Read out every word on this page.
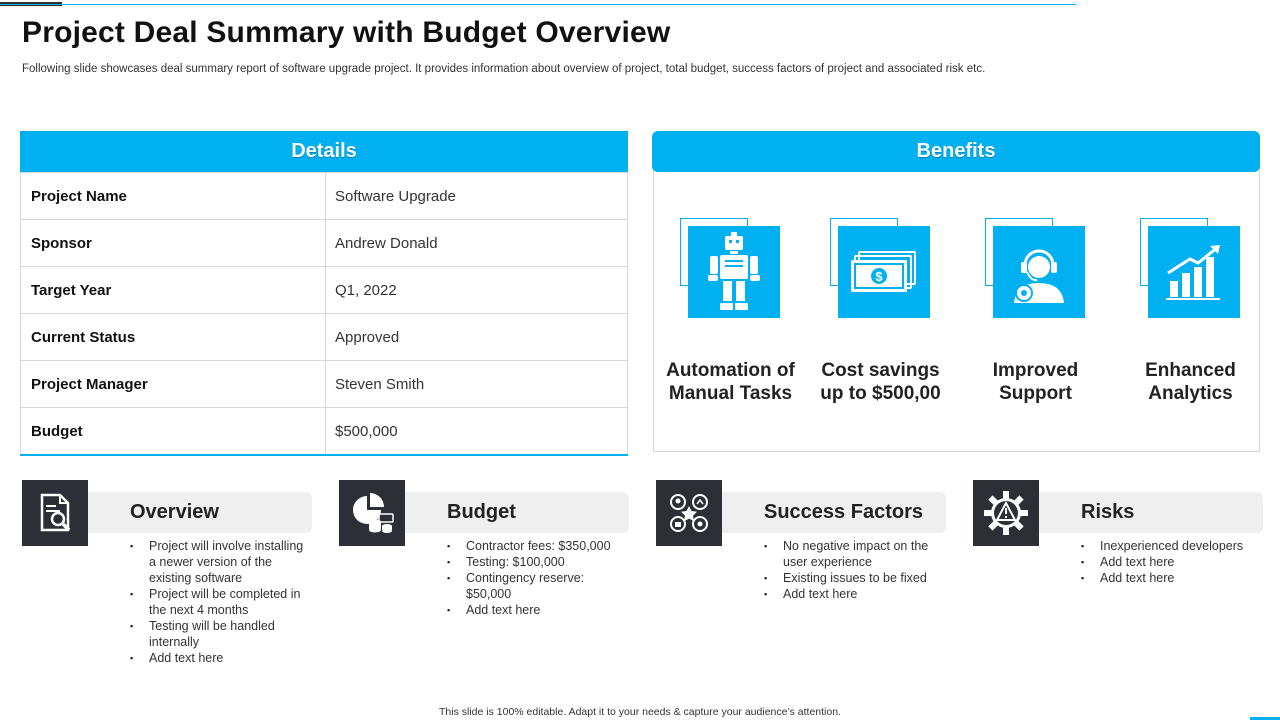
Project Deal Summary with Budget Overview
Following slide showcases deal summary report of software upgrade project. It provides information about overview of project, total budget, success factors of project and associated risk etc.
Details
Project Name	Software Upgrade
Sponsor	Andrew Donald
Target Year	Q1, 2022
Current Status	Approved
Project Manager	Steven Smith
Budget	$500,000
Benefits
Automation of
Manual Tasks
$
Cost savings
up to $500,00
Improved
Support
Enhanced
Analytics
Overview
▪ Project will involve installing a newer version of the existing software
▪ Project will be completed in the next 4 months
▪ Testing will be handled internally
▪ Add text here
Budget
▪ Contractor fees: $350,000
▪ Testing: $100,000
▪ Contingency reserve: $50,000
▪ Add text here
Success Factors
▪ No negative impact on the user experience
▪ Existing issues to be fixed
▪ Add text here
Risks
▪ Inexperienced developers
▪ Add text here
▪ Add text here
This slide is 100% editable. Adapt it to your needs & capture your audience’s attention.
